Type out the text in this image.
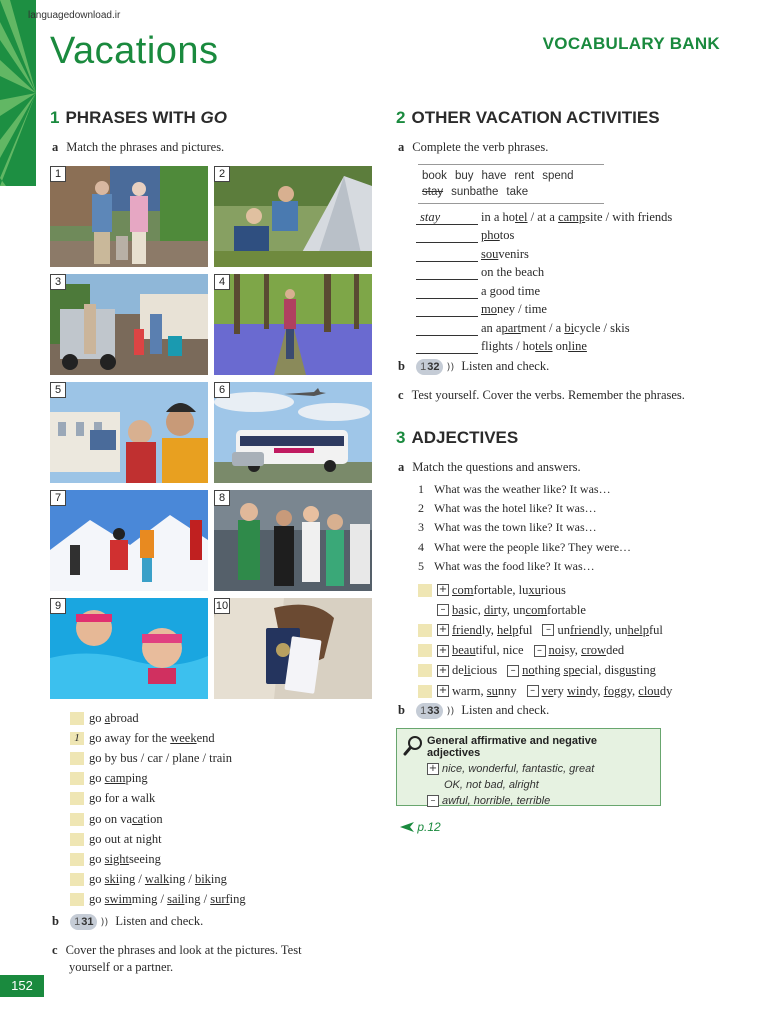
languagedownload.ir
Vacations	VOCABULARY BANK
1 PHRASES WITH GO
a Match the phrases and pictures.
1	2
3	4
5	6
7	8
9	10
go a broad
1 go away for the week end
go by bus / car / plane / train
go cam ping
go for a walk
go on va ca tion
go out at night
go sight seeing
go ski ing / walk ing / bik ing
go swim ming / sail ing / surf ing
b	131 )) Listen and check.
c Cover the phrases and look at the pictures. Test
yourself or a partner.
2 OTHER VACATION ACTIVITIES
a Complete the verb phrases.
book buy have rent spend
stay sunbathe take
stay	in a hotel / at a campsite / with friends
pho tos
sou venirs
on the beach
a good time
mo ney / time
an apartment / a bicycle / skis
flights / hotels online
b	132 )) Listen and check.
c Test yourself. Cover the verbs. Remember the phrases.
3 ADJECTIVES
a Match the questions and answers.
1 What was the weather like? It was…
2 What was the hotel like? It was…
3 What was the town like? It was…
4 What were the people like? They were…
5 What was the food like? It was…
+ comfortable, luxurious
– basic, dirty, uncomfortable
+ friendly, helpful	– unfriendly, unhelpful
+ beautiful, nice	– noisy, crowded
+ delicious	– nothing special, disgusting
+ warm, sunny	– very windy, foggy, cloudy
b	133 )) Listen and check.
General affirmative and negative adjectives
+ nice, wonderful, fantastic, great
OK, not bad, alright
– awful, horrible, terrible
p.12
152
